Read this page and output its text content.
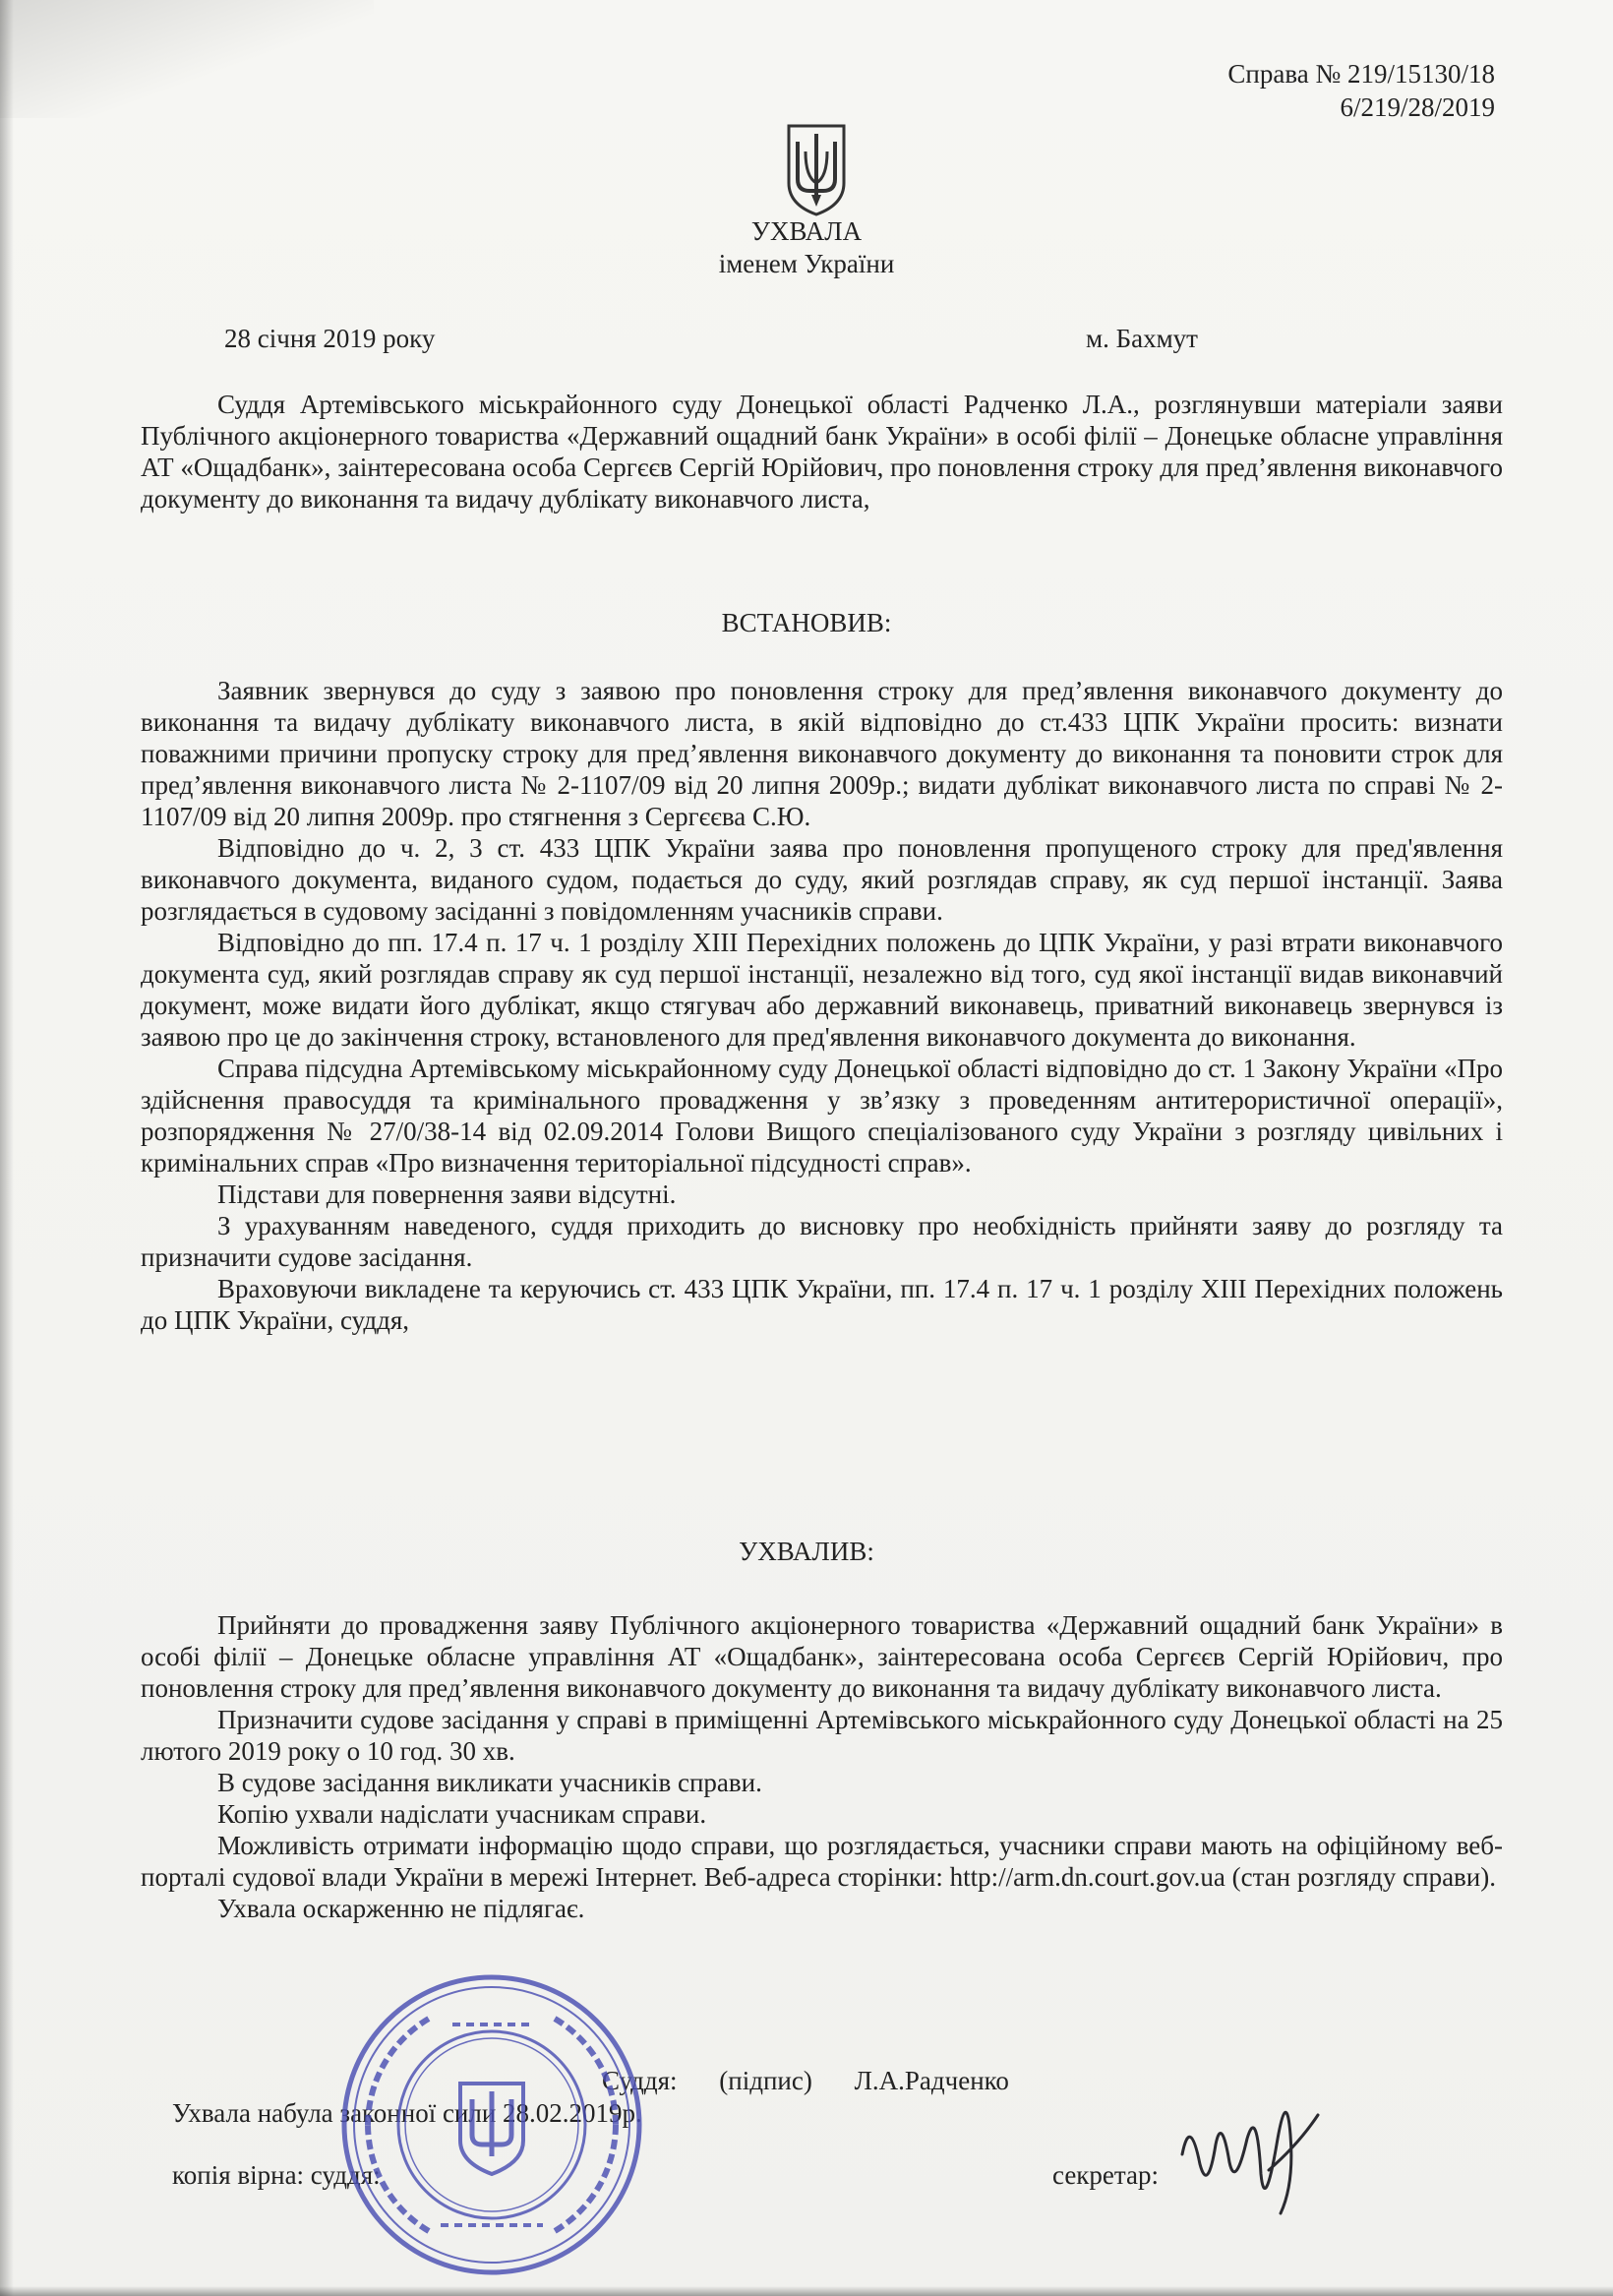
Справа № 219/15130/18
6/219/28/2019
УХВАЛА
іменем України
28 січня 2019 року	м. Бахмут

Суддя Артемівського міськрайонного суду Донецької області Радченко Л.А., розглянувши матеріали заяви Публічного акціонерного товариства «Державний ощадний банк України» в особі філії – Донецьке обласне управління АТ «Ощадбанк», заінтересована особа Сергєєв Сергій Юрійович, про поновлення строку для пред’явлення виконавчого документу до виконання та видачу дублікату виконавчого листа,

ВСТАНОВИВ:

Заявник звернувся до суду з заявою про поновлення строку для пред’явлення виконавчого документу до виконання та видачу дублікату виконавчого листа, в якій відповідно до ст.433 ЦПК України просить: визнати поважними причини пропуску строку для пред’явлення виконавчого документу до виконання та поновити строк для пред’явлення виконавчого листа № 2-1107/09 від 20 липня 2009р.; видати дублікат виконавчого листа по справі № 2-1107/09 від 20 липня 2009р. про стягнення з Сергєєва С.Ю.

Відповідно до ч. 2, 3 ст. 433 ЦПК України заява про поновлення пропущеного строку для пред'явлення виконавчого документа, виданого судом, подається до суду, який розглядав справу, як суд першої інстанції. Заява розглядається в судовому засіданні з повідомленням учасників справи.

Відповідно до пп. 17.4 п. 17 ч. 1 розділу XIII Перехідних положень до ЦПК України, у разі втрати виконавчого документа суд, який розглядав справу як суд першої інстанції, незалежно від того, суд якої інстанції видав виконавчий документ, може видати його дублікат, якщо стягувач або державний виконавець, приватний виконавець звернувся із заявою про це до закінчення строку, встановленого для пред'явлення виконавчого документа до виконання.

Справа підсудна Артемівському міськрайонному суду Донецької області відповідно до ст. 1 Закону України «Про здійснення правосуддя та кримінального провадження у зв’язку з проведенням антитерористичної операції», розпорядження № 27/0/38-14 від 02.09.2014 Голови Вищого спеціалізованого суду України з розгляду цивільних і кримінальних справ «Про визначення територіальної підсудності справ».

Підстави для повернення заяви відсутні.

З урахуванням наведеного, суддя приходить до висновку про необхідність прийняти заяву до розгляду та призначити судове засідання.

Враховуючи викладене та керуючись ст. 433 ЦПК України, пп. 17.4 п. 17 ч. 1 розділу XIII Перехідних положень до ЦПК України, суддя,

УХВАЛИВ:

Прийняти до провадження заяву Публічного акціонерного товариства «Державний ощадний банк України» в особі філії – Донецьке обласне управління АТ «Ощадбанк», заінтересована особа Сергєєв Сергій Юрійович, про поновлення строку для пред’явлення виконавчого документу до виконання та видачу дублікату виконавчого листа.

Призначити судове засідання у справі в приміщенні Артемівського міськрайонного суду Донецької області на 25 лютого 2019 року о 10 год. 30 хв.

В судове засідання викликати учасників справи.

Копію ухвали надіслати учасникам справи.

Можливість отримати інформацію щодо справи, що розглядається, учасники справи мають на офіційному веб-порталі судової влади України в мережі Інтернет. Веб-адреса сторінки: http://arm.dn.court.gov.ua (стан розгляду справи).

Ухвала оскарженню не підлягає.

Суддя: (підпис) Л.А.Радченко
Ухвала набула законної сили 28.02.2019р.
копія вірна: суддя:	секретар:
